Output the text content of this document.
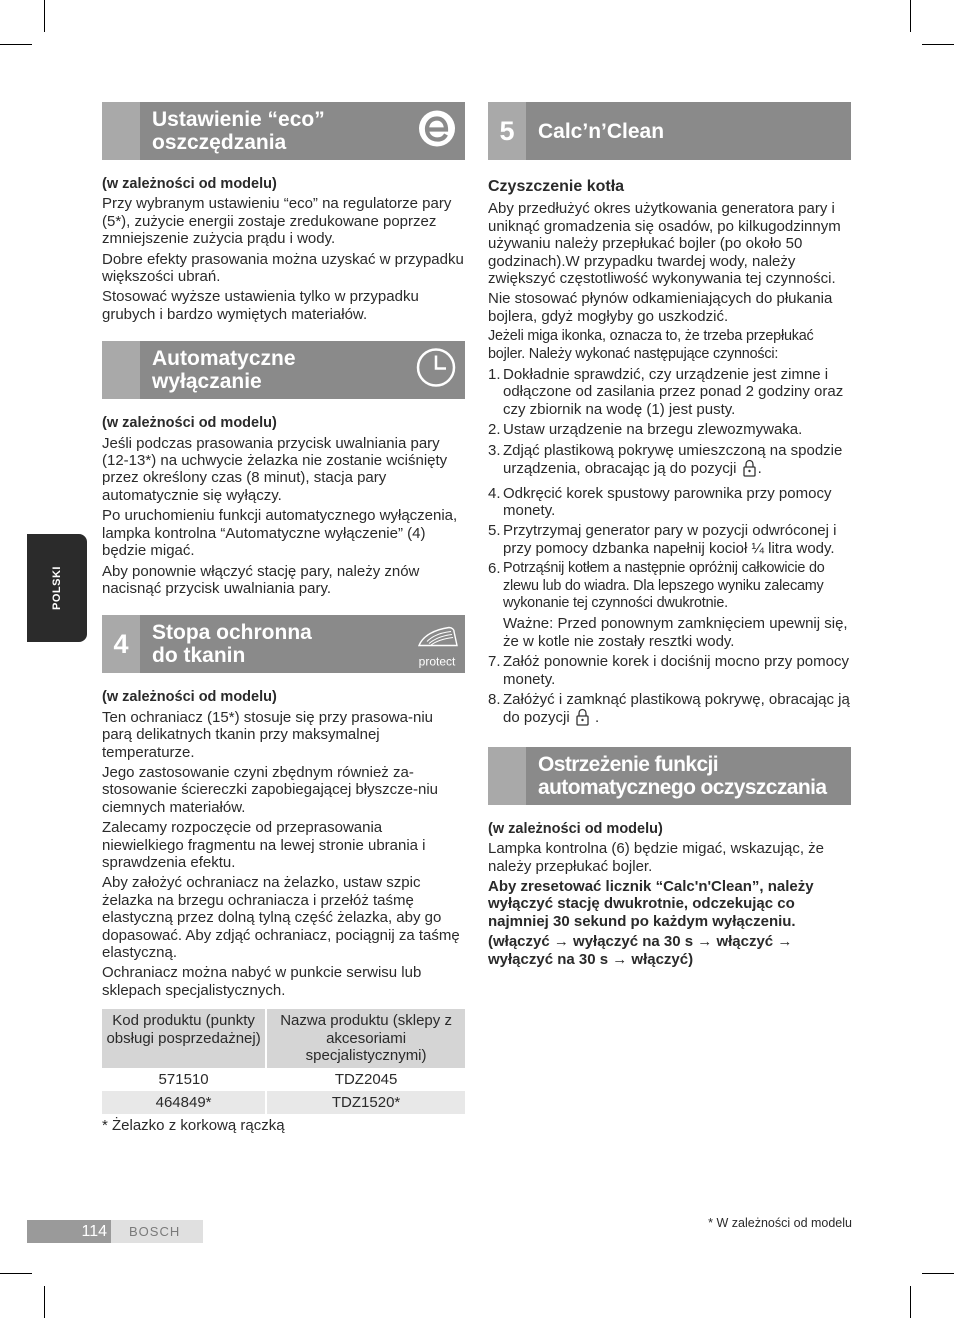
POLSKI
Ustawienie “eco”
oszczędzania

(w zależności od modelu)

Przy wybranym ustawieniu “eco” na regulatorze pary (5*), zużycie energii zostaje zredukowane poprzez zmniejszenie zużycia prądu i wody.

Dobre efekty prasowania można uzyskać w przypadku większości ubrań.

Stosować wyższe ustawienia tylko w przypadku grubych i bardzo wymiętych materiałów.

Automatyczne
wyłączanie

(w zależności od modelu)

Jeśli podczas prasowania przycisk uwalniania pary (12-13*) na uchwycie żelazka nie zostanie wciśnięty przez określony czas (8 minut), stacja pary automatycznie się wyłączy.

Po uruchomieniu funkcji automatycznego wyłączenia, lampka kontrolna “Automatyczne wyłączenie” (4) będzie migać.

Aby ponownie włączyć stację pary, należy znów nacisnąć przycisk uwalniania pary.

4	Stopa ochronna
do tkanin	protect

(w zależności od modelu)

Ten ochraniacz (15*) stosuje się przy prasowa-niu parą delikatnych tkanin przy maksymalnej temperaturze.

Jego zastosowanie czyni zbędnym również za-stosowanie ściereczki zapobiegającej błyszcze-niu ciemnych materiałów.

Zalecamy rozpoczęcie od przeprasowania niewielkiego fragmentu na lewej stronie ubrania i sprawdzenia efektu.

Aby założyć ochraniacz na żelazko, ustaw szpic żelazka na brzegu ochraniacza i przełóż taśmę elastyczną przez dolną tylną część żelazka, aby go dopasować. Aby zdjąć ochraniacz, pociągnij za taśmę elastyczną.

Ochraniacz można nabyć w punkcie serwisu lub sklepach specjalistycznych.

Kod produktu (punkty obsługi posprzedażnej)	Nazwa produktu (sklepy z akcesoriami specjalistycznymi)
571510	TDZ2045
464849*	TDZ1520*

* Żelazko z korkową rączką

5	Calc’n’Clean

Czyszczenie kotła

Aby przedłużyć okres użytkowania generatora pary i uniknąć gromadzenia się osadów, po kilkugodzinnym używaniu należy przepłukać bojler (po około 50 godzinach).W przypadku twardej wody, należy zwiększyć częstotliwość wykonywania tej czynności.

Nie stosować płynów odkamieniających do płukania bojlera, gdyż mogłyby go uszkodzić.

Jeżeli miga ikonka, oznacza to, że trzeba przepłukać bojler. Należy wykonać następujące czynności:

1. Dokładnie sprawdzić, czy urządzenie jest zimne i odłączone od zasilania przez ponad 2 godziny oraz czy zbiornik na wodę (1) jest pusty.
2. Ustaw urządzenie na brzegu zlewozmywaka.
3. Zdjąć plastikową pokrywę umieszczoną na spodzie urządzenia, obracając ją do pozycji .
4. Odkręcić korek spustowy parownika przy pomocy monety.
5. Przytrzymaj generator pary w pozycji odwróconej i przy pomocy dzbanka napełnij kocioł ¼ litra wody.
6. Potrząśnij kotłem a następnie opróżnij całkowicie do zlewu lub do wiadra. Dla lepszego wyniku zalecamy wykonanie tej czynności dwukrotnie.
Ważne: Przed ponownym zamknięciem upewnij się, że w kotle nie zostały resztki wody.
7. Załóż ponownie korek i dociśnij mocno przy pomocy monety.
8. Załóżyć i zamknąć plastikową pokrywę, obracając ją do pozycji .
Ostrzeżenie funkcji
automatycznego oczyszczania

(w zależności od modelu)

Lampka kontrolna (6) będzie migać, wskazując, że należy przepłukać bojler.

Aby zresetować licznik “Calc'n'Clean”, należy wyłączyć stację dwukrotnie, odczekując co najmniej 30 sekund po każdym wyłączeniu.

(włączyć → wyłączyć na 30 s → włączyć → wyłączyć na 30 s → włączyć)

114	BOSCH
* W zależności od modelu
